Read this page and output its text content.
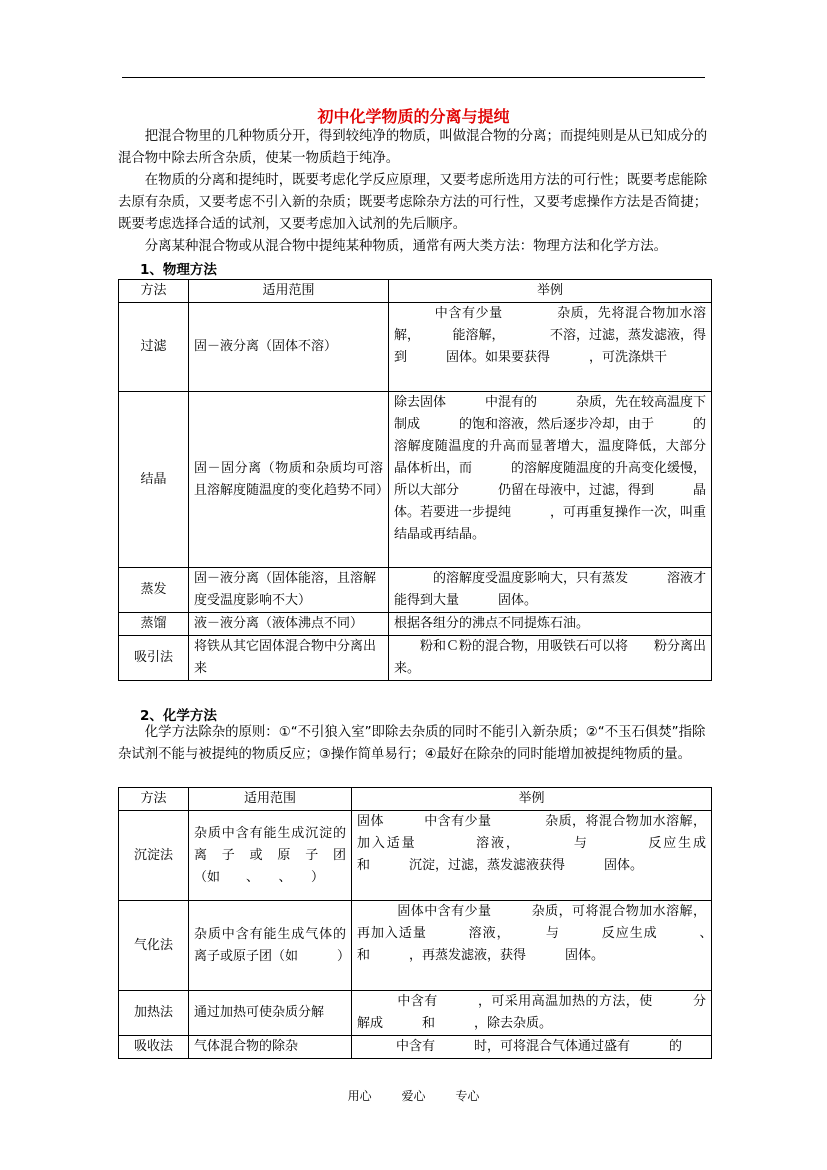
初中化学物质的分离与提纯
把混合物里的几种物质分开，得到较纯净的物质，叫做混合物的分离；而提纯则是从已知成分的混合物中除去所含杂质，使某一物质趋于纯净。
在物质的分离和提纯时，既要考虑化学反应原理，又要考虑所选用方法的可行性；既要考虑能除去原有杂质，又要考虑不引入新的杂质；既要考虑除杂方法的可行性，又要考虑操作方法是否简捷；既要考虑选择合适的试剂，又要考虑加入试剂的先后顺序。
分离某种混合物或从混合物中提纯某种物质，通常有两大类方法：物理方法和化学方法。
1、物理方法
方法	适用范围	举例
过滤	固－液分离（固体不溶）	　　　中含有少量　　　　杂质，先将混合物加水溶解，　　　能溶解，　　　　不溶，过滤，蒸发滤液，得到　　　固体。如果要获得　　　，可洗涤烘干
结晶	固－固分离（物质和杂质均可溶且溶解度随温度的变化趋势不同）	除去固体　　　中混有的　　　杂质，先在较高温度下制成　　　的饱和溶液，然后逐步冷却，由于　　　的溶解度随温度的升高而显著增大，温度降低，大部分　　　晶体析出，而　　　的溶解度随温度的升高变化缓慢，所以大部分　　　仍留在母液中，过滤，得到　　　晶体。若要进一步提纯　　　，可再重复操作一次，叫重结晶或再结晶。
蒸发	固－液分离（固体能溶，且溶解度受温度影响不大）	　　　的溶解度受温度影响大，只有蒸发　　　溶液才能得到大量　　　固体。
蒸馏	液－液分离（液体沸点不同）	根据各组分的沸点不同提炼石油。
吸引法	将铁从其它固体混合物中分离出来	　　粉和Ｃ粉的混合物，用吸铁石可以将　　粉分离出来。
2、化学方法
化学方法除杂的原则：①“不引狼入室”即除去杂质的同时不能引入新杂质；②“不玉石俱焚”指除杂试剂不能与被提纯的物质反应；③操作简单易行；④最好在除杂的同时能增加被提纯物质的量。
方法	适用范围	举例
沉淀法	杂质中含有能生成沉淀的离子或原子团（如　　、　　、　　）	固体　　　中含有少量　　　　杂质，将混合物加水溶解，加入适量　　　　溶液，　　　　与　　　　反应生成　　　和　　　沉淀，过滤，蒸发滤液获得　　　固体。
气化法	杂质中含有能生成气体的离子或原子团（如　　　）	　　　固体中含有少量　　　杂质，可将混合物加水溶解，再加入适量　　　溶液，　　　与　　　反应生成　　　、　　　和　　　，再蒸发滤液，获得　　　固体。
加热法	通过加热可使杂质分解	　　　中含有　　　，可采用高温加热的方法，使　　　分解成　　　和　　　，除去杂质。
吸收法	气体混合物的除杂	　　　中含有　　　时，可将混合气体通过盛有　　　的
用心 爱心 专心
